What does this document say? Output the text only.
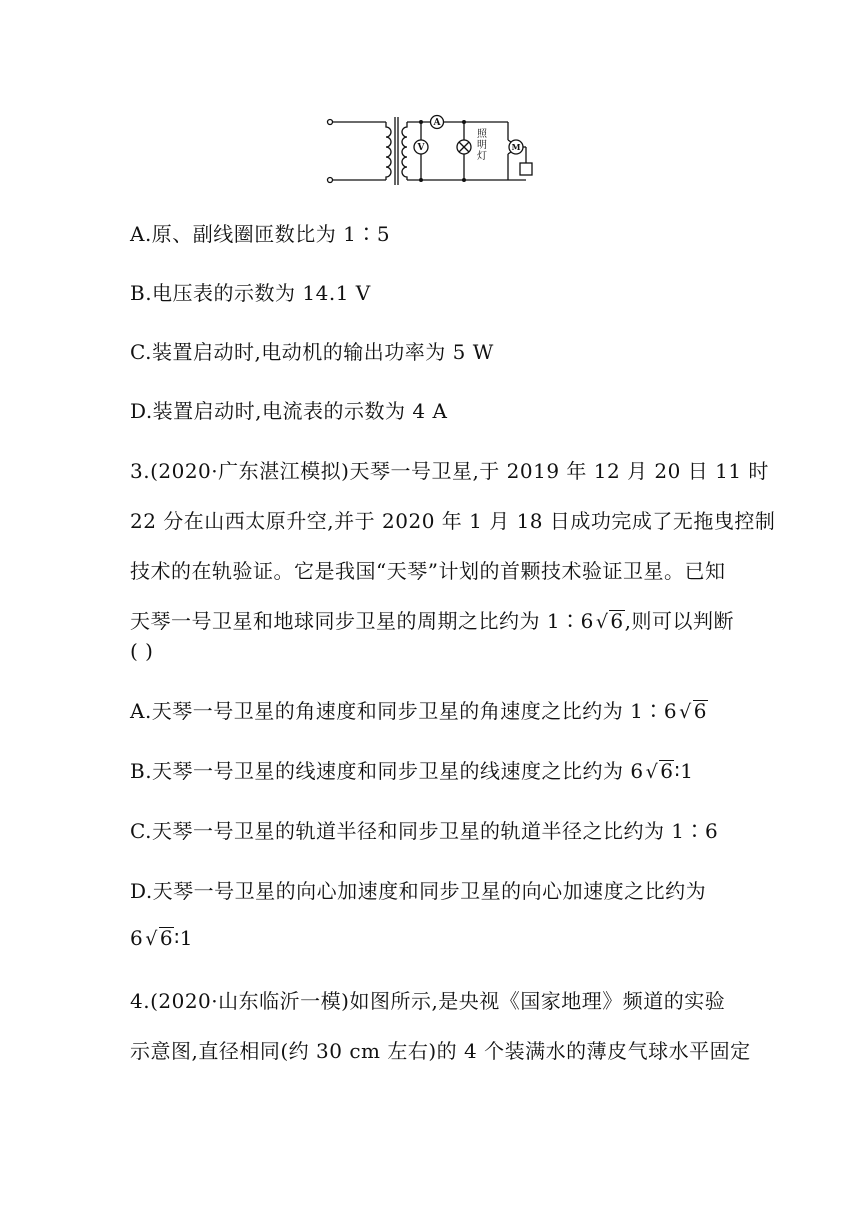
A
V	M
照明灯
A.原、副线圈匝数比为 1∶5
B.电压表的示数为 14.1 V
C.装置启动时,电动机的输出功率为 5 W
D.装置启动时,电流表的示数为 4 A
3.(2020·广东湛江模拟)天琴一号卫星,于 2019 年 12 月 20 日 11 时
22 分在山西太原升空,并于 2020 年 1 月 18 日成功完成了无拖曳控制
技术的在轨验证。它是我国“天琴”计划的首颗技术验证卫星。已知
天琴一号卫星和地球同步卫星的周期之比约为 1∶6 √ 6,则可以判断
( )
A.天琴一号卫星的角速度和同步卫星的角速度之比约为 1∶6 √ 6
B.天琴一号卫星的线速度和同步卫星的线速度之比约为 6 √ 6∶1
C.天琴一号卫星的轨道半径和同步卫星的轨道半径之比约为 1∶6
D.天琴一号卫星的向心加速度和同步卫星的向心加速度之比约为
6 √ 6∶1
4.(2020·山东临沂一模)如图所示,是央视《国家地理》频道的实验
示意图,直径相同(约 30 cm 左右)的 4 个装满水的薄皮气球水平固定
